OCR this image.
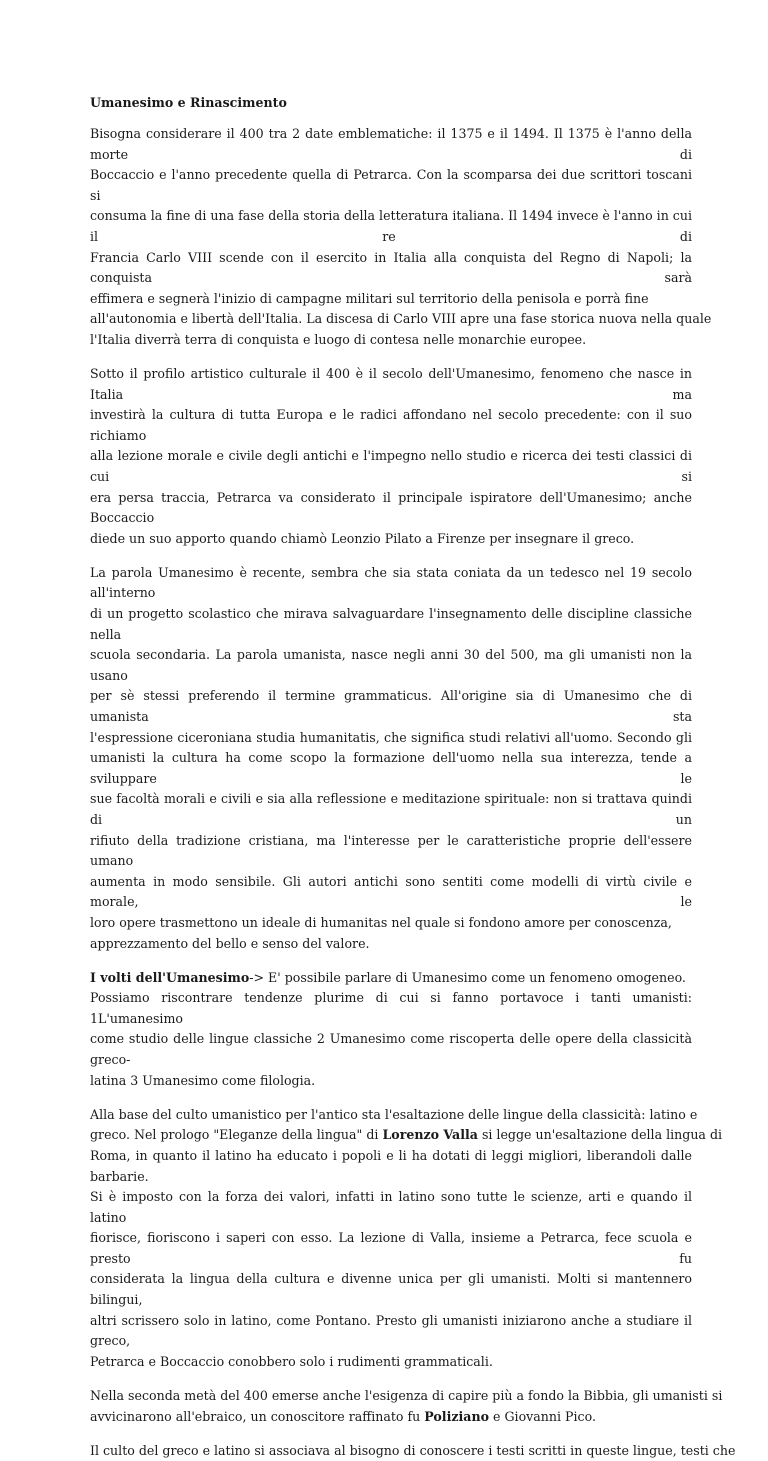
Umanesimo e Rinascimento
Bisogna considerare il 400 tra 2 date emblematiche: il 1375 e il 1494. Il 1375 è l'anno della morte di
Boccaccio e l'anno precedente quella di Petrarca. Con la scomparsa dei due scrittori toscani si
consuma la fine di una fase della storia della letteratura italiana. Il 1494 invece è l'anno in cui il re di
Francia Carlo VIII scende con il esercito in Italia alla conquista del Regno di Napoli; la conquista sarà
effimera e segnerà l'inizio di campagne militari sul territorio della penisola e porrà fine
all'autonomia e libertà dell'Italia. La discesa di Carlo VIII apre una fase storica nuova nella quale
l'Italia diverrà terra di conquista e luogo di contesa nelle monarchie europee.
Sotto il profilo artistico culturale il 400 è il secolo dell'Umanesimo, fenomeno che nasce in Italia ma
investirà la cultura di tutta Europa e le radici affondano nel secolo precedente: con il suo richiamo
alla lezione morale e civile degli antichi e l'impegno nello studio e ricerca dei testi classici di cui si
era persa traccia, Petrarca va considerato il principale ispiratore dell'Umanesimo; anche Boccaccio
diede un suo apporto quando chiamò Leonzio Pilato a Firenze per insegnare il greco.
La parola Umanesimo è recente, sembra che sia stata coniata da un tedesco nel 19 secolo all'interno
di un progetto scolastico che mirava salvaguardare l'insegnamento delle discipline classiche nella
scuola secondaria. La parola umanista, nasce negli anni 30 del 500, ma gli umanisti non la usano
per sè stessi preferendo il termine grammaticus. All'origine sia di Umanesimo che di umanista sta
l'espressione ciceroniana studia humanitatis, che significa studi relativi all'uomo. Secondo gli
umanisti la cultura ha come scopo la formazione dell'uomo nella sua interezza, tende a sviluppare le
sue facoltà morali e civili e sia alla reflessione e meditazione spirituale: non si trattava quindi di un
rifiuto della tradizione cristiana, ma l'interesse per le caratteristiche proprie dell'essere umano
aumenta in modo sensibile. Gli autori antichi sono sentiti come modelli di virtù civile e morale, le
loro opere trasmettono un ideale di humanitas nel quale si fondono amore per conoscenza,
apprezzamento del bello e senso del valore.
I volti dell'Umanesimo-> E' possibile parlare di Umanesimo come un fenomeno omogeneo.
Possiamo riscontrare tendenze plurime di cui si fanno portavoce i tanti umanisti: 1L'umanesimo
come studio delle lingue classiche 2 Umanesimo come riscoperta delle opere della classicità greco-
latina 3 Umanesimo come filologia.
Alla base del culto umanistico per l'antico sta l'esaltazione delle lingue della classicità: latino e
greco. Nel prologo "Eleganze della lingua" di Lorenzo Valla si legge un'esaltazione della lingua di
Roma, in quanto il latino ha educato i popoli e li ha dotati di leggi migliori, liberandoli dalle barbarie.
Si è imposto con la forza dei valori, infatti in latino sono tutte le scienze, arti e quando il latino
fiorisce, fioriscono i saperi con esso. La lezione di Valla, insieme a Petrarca, fece scuola e presto fu
considerata la lingua della cultura e divenne unica per gli umanisti. Molti si mantennero bilingui,
altri scrissero solo in latino, come Pontano. Presto gli umanisti iniziarono anche a studiare il greco,
Petrarca e Boccaccio conobbero solo i rudimenti grammaticali.
Nella seconda metà del 400 emerse anche l'esigenza di capire più a fondo la Bibbia, gli umanisti si
avvicinarono all'ebraico, un conoscitore raffinato fu Poliziano e Giovanni Pico.
Il culto del greco e latino si associava al bisogno di conoscere i testi scritti in queste lingue, testi che
